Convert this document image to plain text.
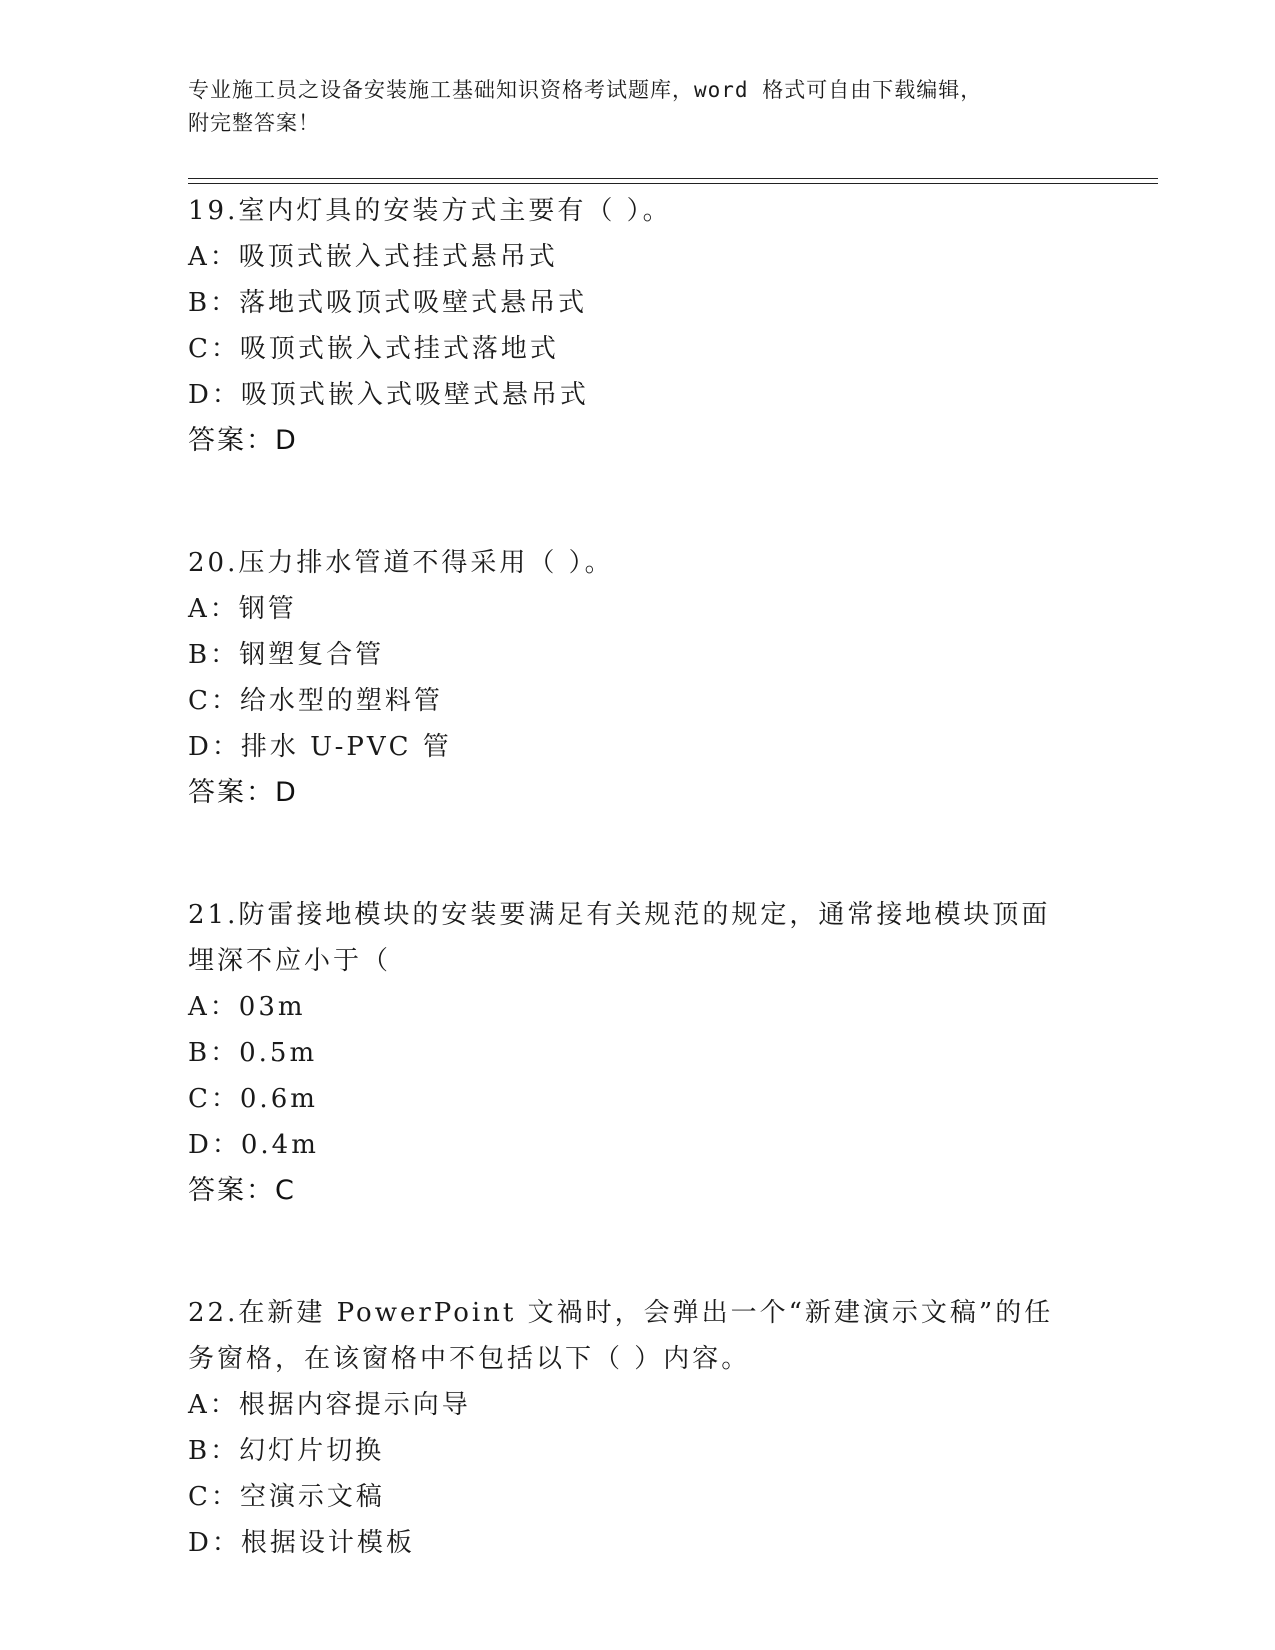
专业施工员之设备安装施工基础知识资格考试题库，word 格式可自由下载编辑，
附完整答案！
19.室内灯具的安装方式主要有（ ）。
A：吸顶式嵌入式挂式悬吊式
B：落地式吸顶式吸壁式悬吊式
C：吸顶式嵌入式挂式落地式
D：吸顶式嵌入式吸壁式悬吊式
答案：D
20.压力排水管道不得采用（ ）。
A：钢管
B：钢塑复合管
C：给水型的塑料管
D：排水 U-PVC 管
答案：D
21.防雷接地模块的安装要满足有关规范的规定，通常接地模块顶面埋深不应小于（
A：03m
B：0.5m
C：0.6m
D：0.4m
答案：C
22.在新建 PowerPoint 文禍时，会弹出一个“新建演示文稿”的任务窗格，在该窗格中不包括以下（ ）内容。
A：根据内容提示向导
B：幻灯片切换
C：空演示文稿
D：根据设计模板
